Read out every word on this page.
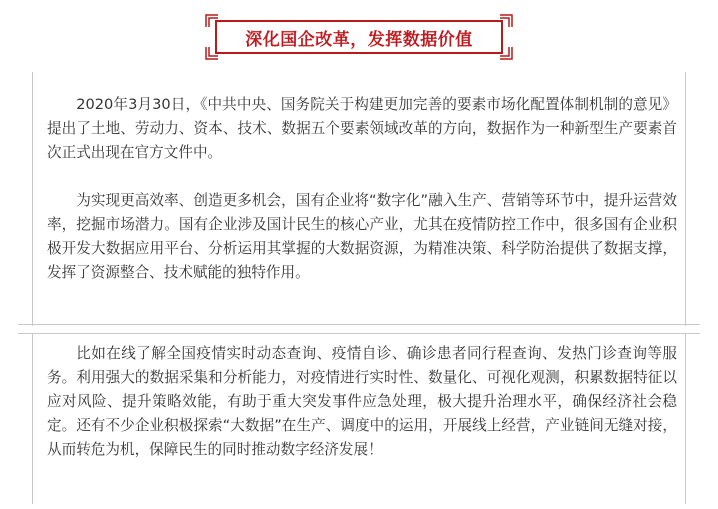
深化国企改革，发挥数据价值

2020年3月30日，《中共中央、国务院关于构建更加完善的要素市场化配置体制机制的意见》提出了土地、劳动力、资本、技术、数据五个要素领域改革的方向，数据作为一种新型生产要素首次正式出现在官方文件中。

为实现更高效率、创造更多机会，国有企业将“数字化”融入生产、营销等环节中，提升运营效率，挖掘市场潜力。国有企业涉及国计民生的核心产业，尤其在疫情防控工作中，很多国有企业积极开发大数据应用平台、分析运用其掌握的大数据资源，为精准决策、科学防治提供了数据支撑，发挥了资源整合、技术赋能的独特作用。

比如在线了解全国疫情实时动态查询、疫情自诊、确诊患者同行程查询、发热门诊查询等服务。利用强大的数据采集和分析能力，对疫情进行实时性、数量化、可视化观测，积累数据特征以应对风险、提升策略效能，有助于重大突发事件应急处理，极大提升治理水平，确保经济社会稳定。还有不少企业积极探索“大数据”在生产、调度中的运用，开展线上经营，产业链间无缝对接，从而转危为机，保障民生的同时推动数字经济发展！
